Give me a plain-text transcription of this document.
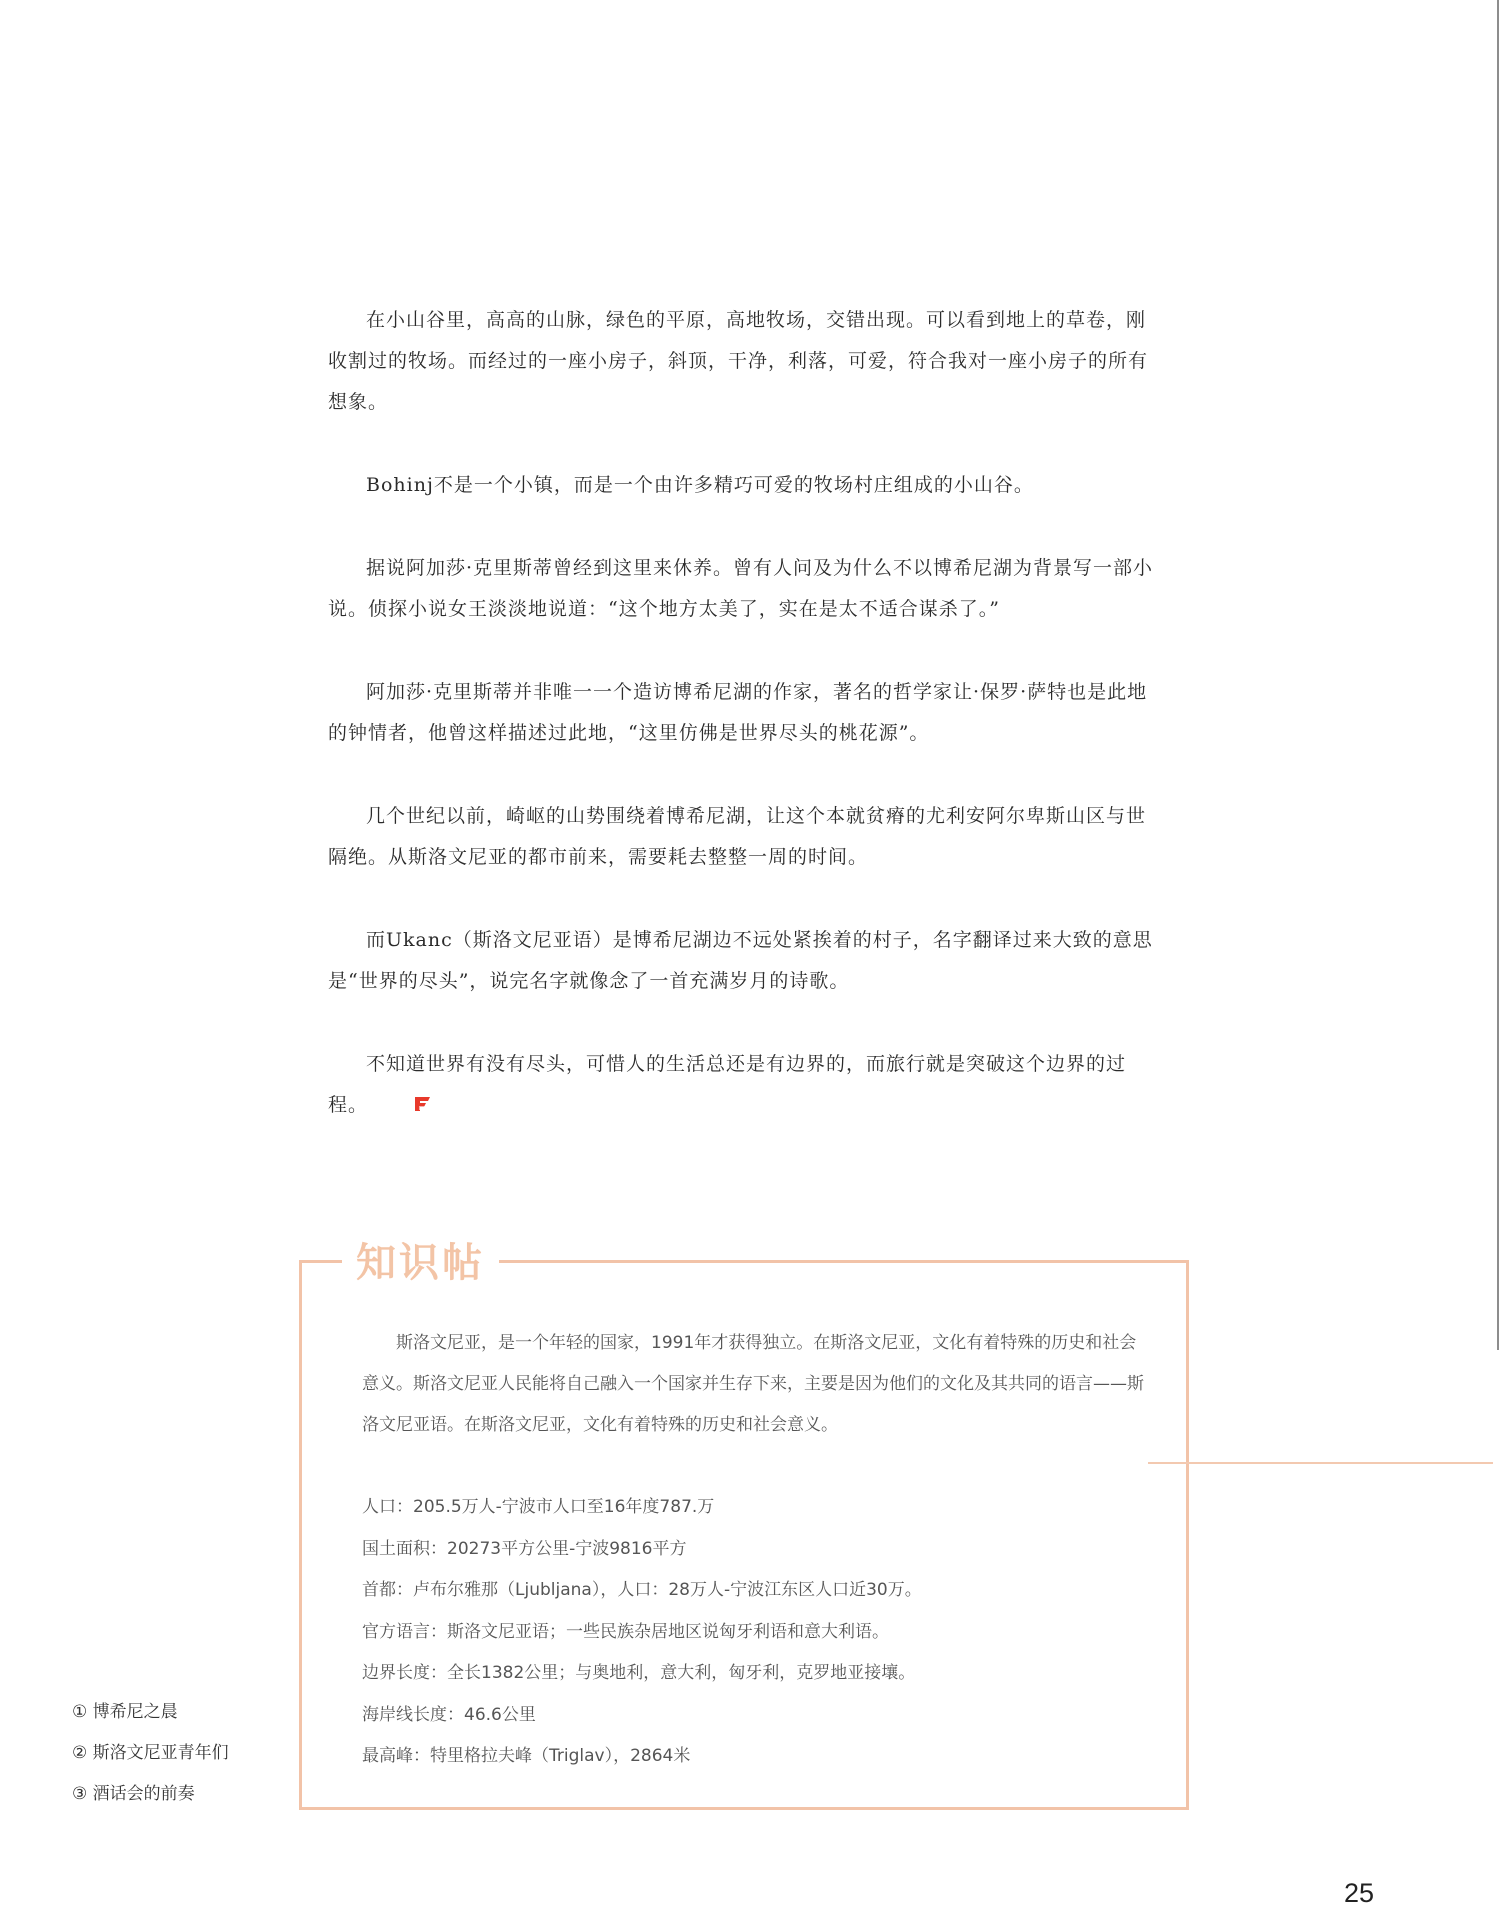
在小山谷里，高高的山脉，绿色的平原，高地牧场，交错出现。可以看到地上的草卷，刚收割过的牧场。而经过的一座小房子，斜顶，干净，利落，可爱，符合我对一座小房子的所有想象。

Bohinj不是一个小镇，而是一个由许多精巧可爱的牧场村庄组成的小山谷。

据说阿加莎·克里斯蒂曾经到这里来休养。曾有人问及为什么不以博希尼湖为背景写一部小说。侦探小说女王淡淡地说道：“这个地方太美了，实在是太不适合谋杀了。”

阿加莎·克里斯蒂并非唯一一个造访博希尼湖的作家，著名的哲学家让·保罗·萨特也是此地的钟情者，他曾这样描述过此地，“这里仿佛是世界尽头的桃花源”。

几个世纪以前，崎岖的山势围绕着博希尼湖，让这个本就贫瘠的尤利安阿尔卑斯山区与世隔绝。从斯洛文尼亚的都市前来，需要耗去整整一周的时间。

而Ukanc（斯洛文尼亚语）是博希尼湖边不远处紧挨着的村子，名字翻译过来大致的意思是“世界的尽头”，说完名字就像念了一首充满岁月的诗歌。

不知道世界有没有尽头，可惜人的生活总还是有边界的，而旅行就是突破这个边界的过程。

知识帖

斯洛文尼亚，是一个年轻的国家，1991年才获得独立。在斯洛文尼亚，文化有着特殊的历史和社会意义。斯洛文尼亚人民能将自己融入一个国家并生存下来，主要是因为他们的文化及其共同的语言——斯洛文尼亚语。在斯洛文尼亚，文化有着特殊的历史和社会意义。

人口：205.5万人-宁波市人口至16年度787.万

国土面积：20273平方公里-宁波9816平方

首都：卢布尔雅那（Ljubljana），人口：28万人-宁波江东区人口近30万。

官方语言：斯洛文尼亚语；一些民族杂居地区说匈牙利语和意大利语。

边界长度：全长1382公里；与奥地利，意大利，匈牙利，克罗地亚接壤。

海岸线长度：46.6公里

最高峰：特里格拉夫峰（Triglav），2864米

① 博希尼之晨
② 斯洛文尼亚青年们
③ 酒话会的前奏
25
